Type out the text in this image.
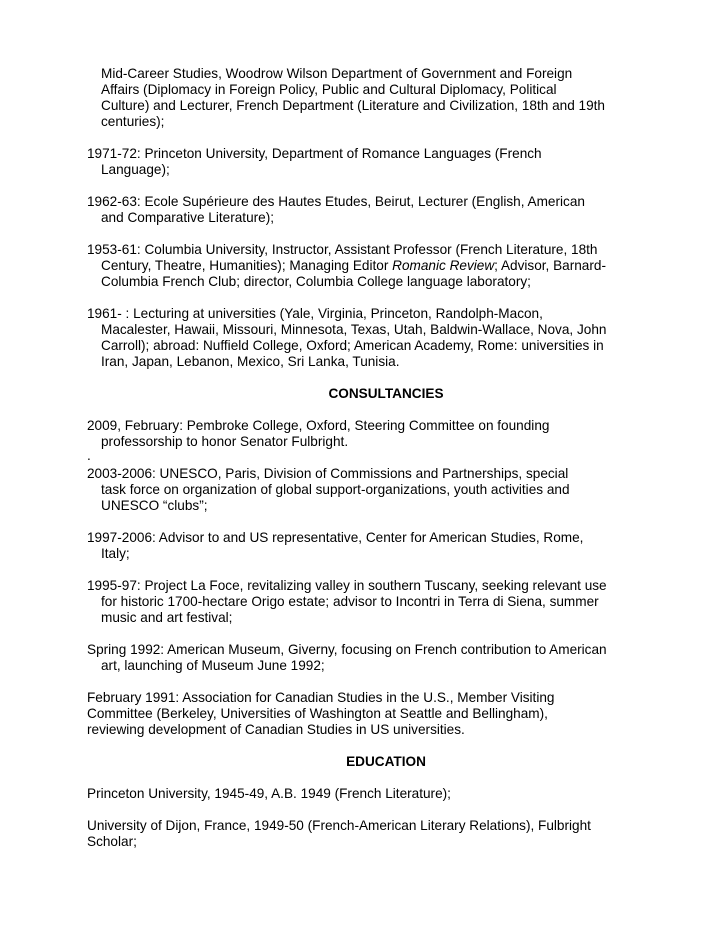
Mid-Career Studies, Woodrow Wilson Department of Government and Foreign
Affairs (Diplomacy in Foreign Policy, Public and Cultural Diplomacy, Political
Culture) and Lecturer, French Department (Literature and Civilization, 18th and 19th
centuries);
1971-72: Princeton University, Department of Romance Languages (French
Language);
1962-63: Ecole Supérieure des Hautes Etudes, Beirut, Lecturer (English, American
and Comparative Literature);
1953-61: Columbia University, Instructor, Assistant Professor (French Literature, 18th
Century, Theatre, Humanities); Managing Editor Romanic Review; Advisor, Barnard-
Columbia French Club; director, Columbia College language laboratory;
1961- : Lecturing at universities (Yale, Virginia, Princeton, Randolph-Macon,
Macalester, Hawaii, Missouri, Minnesota, Texas, Utah, Baldwin-Wallace, Nova, John
Carroll); abroad: Nuffield College, Oxford; American Academy, Rome: universities in
Iran, Japan, Lebanon, Mexico, Sri Lanka, Tunisia.
CONSULTANCIES
2009, February: Pembroke College, Oxford, Steering Committee on founding
professorship to honor Senator Fulbright.
.
2003-2006: UNESCO, Paris, Division of Commissions and Partnerships, special
task force on organization of global support-organizations, youth activities and
UNESCO “clubs”;
1997-2006: Advisor to and US representative, Center for American Studies, Rome,
Italy;
1995-97: Project La Foce, revitalizing valley in southern Tuscany, seeking relevant use
for historic 1700-hectare Origo estate; advisor to Incontri in Terra di Siena, summer
music and art festival;
Spring 1992: American Museum, Giverny, focusing on French contribution to American
art, launching of Museum June 1992;
February 1991: Association for Canadian Studies in the U.S., Member Visiting
Committee (Berkeley, Universities of Washington at Seattle and Bellingham),
reviewing development of Canadian Studies in US universities.
EDUCATION
Princeton University, 1945-49, A.B. 1949 (French Literature);
University of Dijon, France, 1949-50 (French-American Literary Relations), Fulbright
Scholar;
